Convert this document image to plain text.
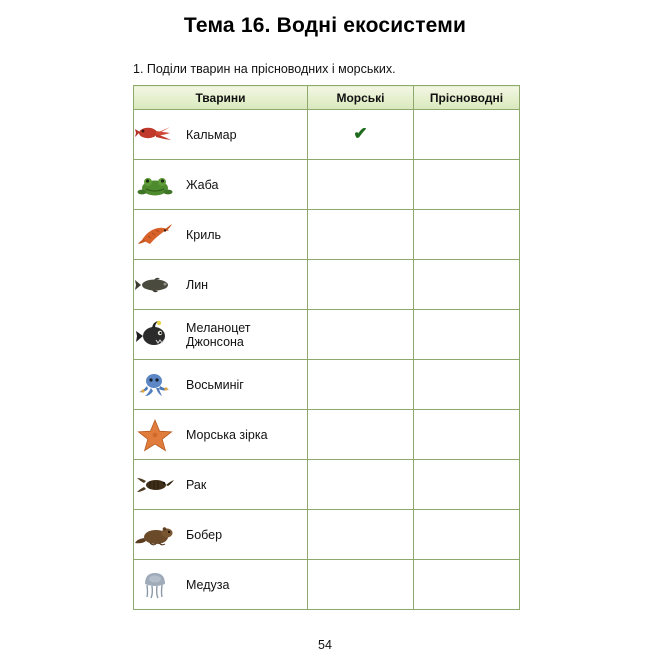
Тема 16. Водні екосистеми

1. Поділи тварин на прісноводних і морських.

Тварини	Морські	Прісноводні

Кальмар	✔	

Жаба		

Криль		

Лин		

Меланоцет Джонсона		

Восьминіг		

Морська зірка		

Рак		

Бобер		

Медуза		

54
